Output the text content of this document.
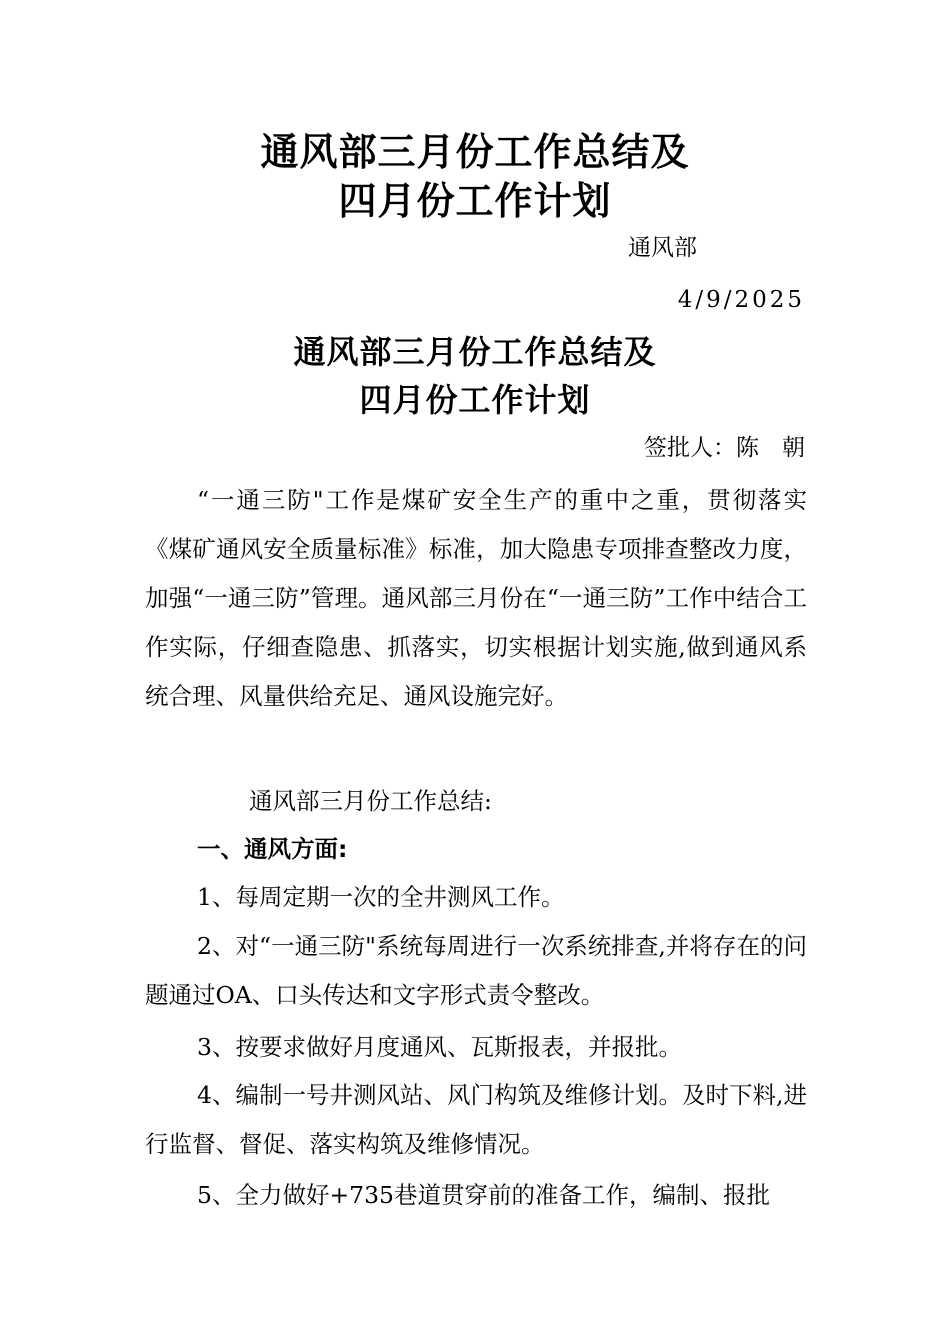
通风部三月份工作总结及
四月份工作计划
通风部
4/9/2025
通风部三月份工作总结及
四月份工作计划
签批人：陈　朝
“一通三防"工作是煤矿安全生产的重中之重，贯彻落实《煤矿通风安全质量标准》标准，加大隐患专项排查整改力度，加强“一通三防”管理。通风部三月份在“一通三防”工作中结合工作实际，仔细查隐患、抓落实，切实根据计划实施,做到通风系统合理、风量供给充足、通风设施完好。
通风部三月份工作总结:
一、通风方面:
1、每周定期一次的全井测风工作。
2、对“一通三防"系统每周进行一次系统排查,并将存在的问题通过OA、口头传达和文字形式责令整改。
3、按要求做好月度通风、瓦斯报表，并报批。
4、编制一号井测风站、风门构筑及维修计划。及时下料,进行监督、督促、落实构筑及维修情况。
5、全力做好+735巷道贯穿前的准备工作，编制、报批
